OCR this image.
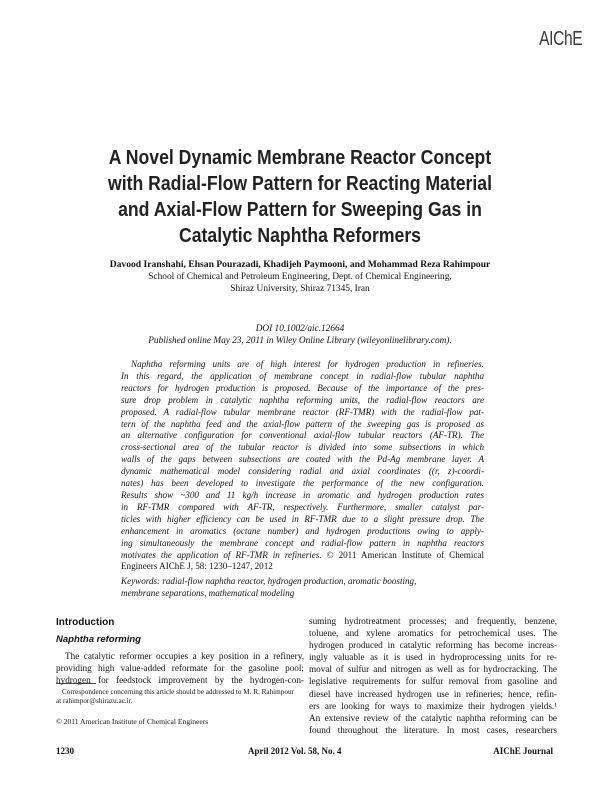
AIChE
A Novel Dynamic Membrane Reactor Concept
with Radial-Flow Pattern for Reacting Material
and Axial-Flow Pattern for Sweeping Gas in
Catalytic Naphtha Reformers
Davood Iranshahi, Ehsan Pourazadi, Khadijeh Paymooni, and Mohammad Reza Rahimpour
School of Chemical and Petroleum Engineering, Dept. of Chemical Engineering,
Shiraz University, Shiraz 71345, Iran
DOI 10.1002/aic.12664
Published online May 23, 2011 in Wiley Online Library (wileyonlinelibrary.com).
Naphtha reforming units are of high interest for hydrogen production in refineries.
In this regard, the application of membrane concept in radial-flow tubular naphtha
reactors for hydrogen production is proposed. Because of the importance of the pres-
sure drop problem in catalytic naphtha reforming units, the radial-flow reactors are
proposed. A radial-flow tubular membrane reactor (RF-TMR) with the radial-flow pat-
tern of the naphtha feed and the axial-flow pattern of the sweeping gas is proposed as
an alternative configuration for conventional axial-flow tubular reactors (AF-TR). The
cross-sectional area of the tubular reactor is divided into some subsections in which
walls of the gaps between subsections are coated with the Pd-Ag membrane layer. A
dynamic mathematical model considering radial and axial coordinates ((r, z)-coordi-
nates) has been developed to investigate the performance of the new configuration.
Results show ~300 and 11 kg/h increase in aromatic and hydrogen production rates
in RF-TMR compared with AF-TR, respectively. Furthermore, smaller catalyst par-
ticles with higher efficiency can be used in RF-TMR due to a slight pressure drop. The
enhancement in aromatics (octane number) and hydrogen productions owing to apply-
ing simultaneously the membrane concept and radial-flow pattern in naphtha reactors
motivates the application of RF-TMR in refineries. © 2011 American Institute of Chemical
Engineers AIChE J, 58: 1230–1247, 2012
Keywords: radial-flow naphtha reactor, hydrogen production, aromatic boosting,
membrane separations, mathematical modeling
Introduction
Naphtha reforming
The catalytic reformer occupies a key position in a refinery,
providing high value-added reformate for the gasoline pool;
hydrogen for feedstock improvement by the hydrogen-con-
suming hydrotreatment processes; and frequently, benzene,
toluene, and xylene aromatics for petrochemical uses. The
hydrogen produced in catalytic reforming has become increas-
ingly valuable as it is used in hydroprocessing units for re-
moval of sulfur and nitrogen as well as for hydrocracking. The
legislative requirements for sulfur removal from gasoline and
diesel have increased hydrogen use in refineries; hence, refin-
ers are looking for ways to maximize their hydrogen yields.¹
An extensive review of the catalytic naphtha reforming can be
found throughout the literature. In most cases, researchers
Correspondence concerning this article should be addressed to M. R. Rahimpour
at rahimpor@shirazu.ac.ir.
© 2011 American Institute of Chemical Engineers
1230	April 2012 Vol. 58, No. 4	AIChE Journal
